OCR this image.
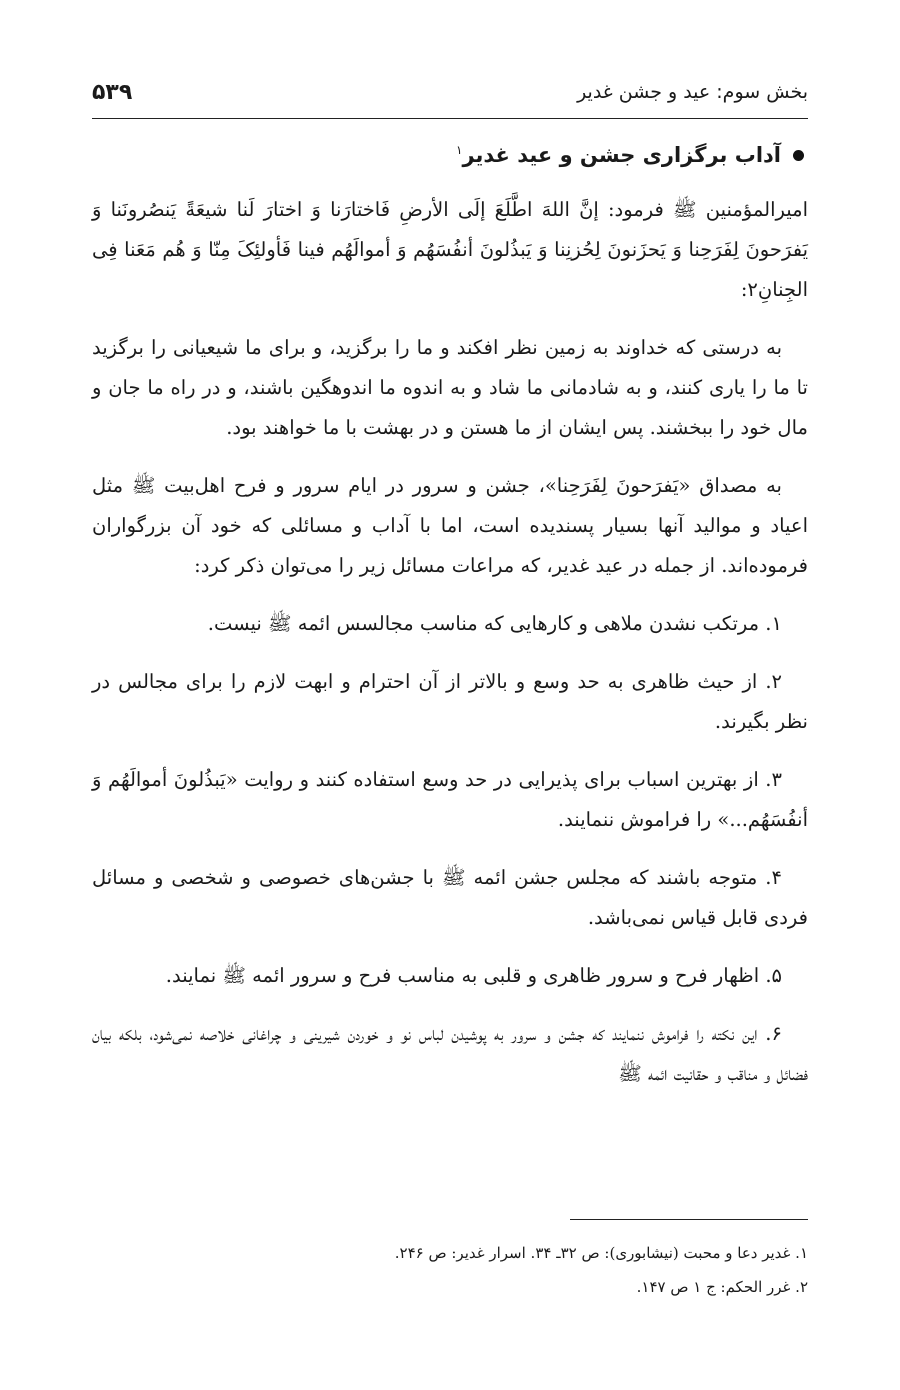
بخش سوم: عید و جشن غدیر
۵۳۹
آداب برگزاری جشن و عید غدیر$^۱$

امیرالمؤمنین ﷺ فرمود: إنَّ اللهَ اطَّلَعَ إلَی الأرضِ فَاختارَنا وَ اختارَ لَنا شیعَةً یَنصُرونَنا وَ یَفرَحونَ لِفَرَحِنا وَ یَحزَنونَ لِحُزنِنا وَ یَبذُلونَ أنفُسَهُم وَ أموالَهُم فینا فَأولئِکَ مِنّا وَ هُم مَعَنا فِی الجِنانِ۲:

به درستی که خداوند به زمین نظر افکند و ما را برگزید، و برای ما شیعیانی را برگزید تا ما را یاری کنند، و به شادمانی ما شاد و به اندوه ما اندوهگین باشند، و در راه ما جان و مال خود را ببخشند. پس ایشان از ما هستن و در بهشت با ما خواهند بود.

به مصداق «یَفرَحونَ لِفَرَحِنا»، جشن و سرور در ایام سرور و فرح اهل‌بیت ﷺ مثل اعیاد و موالید آنها بسیار پسندیده است، اما با آداب و مسائلی که خود آن بزرگواران فرموده‌اند. از جمله در عید غدیر، که مراعات مسائل زیر را می‌توان ذکر کرد:

۱. مرتکب نشدن ملاهی و کارهایی که مناسب مجالسس ائمه ﷺ نیست.

۲. از حیث ظاهری به حد وسع و بالاتر از آن احترام و ابهت لازم را برای مجالس در نظر بگیرند.

۳. از بهترین اسباب برای پذیرایی در حد وسع استفاده کنند و روایت «یَبذُلونَ أموالَهُم وَ أنفُسَهُم...» را فراموش ننمایند.

۴. متوجه باشند که مجلس جشن ائمه ﷺ با جشن‌های خصوصی و شخصی و مسائل فردی قابل قیاس نمی‌باشد.

۵. اظهار فرح و سرور ظاهری و قلبی به مناسب فرح و سرور ائمه ﷺ نمایند.

۶. این نکته را فراموش ننمایند که جشن و سرور به پوشیدن لباس نو و خوردن شیرینی و چراغانی خلاصه نمی‌شود، بلکه بیان فضائل و مناقب و حقانیت ائمه ﷺ

۱. غدیر دعا و محبت (نیشابوری): ص ۳۲ـ ۳۴. اسرار غدیر: ص ۲۴۶.
۲. غرر الحکم: ج ۱ ص ۱۴۷.
